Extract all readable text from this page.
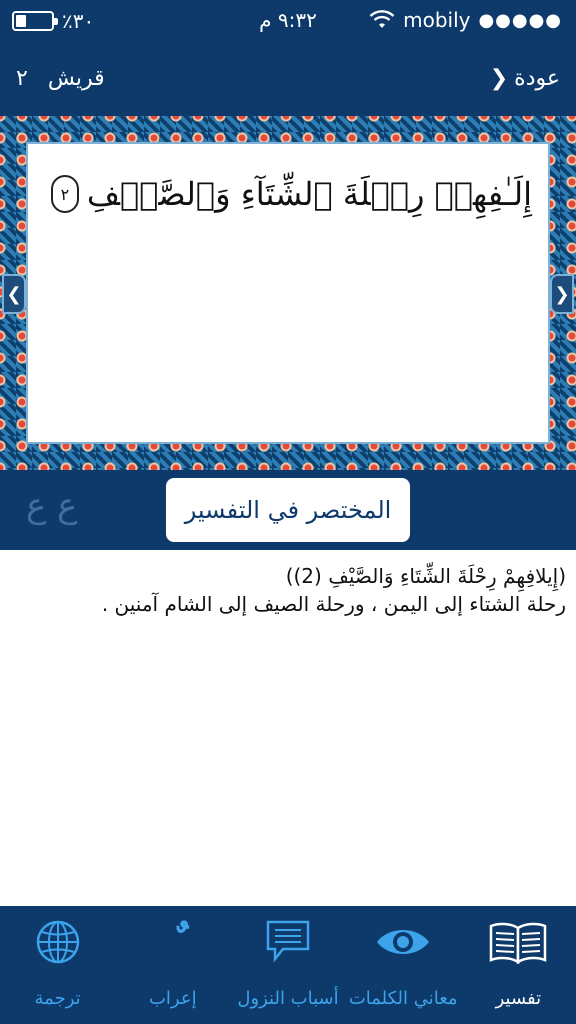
٪٣٠	٩:٣٢ م	mobily ●●●●●
قريش
٢	عودة
❮
إِلَـٰفِهِمۡ رِحۡلَةَ ٱلشِّتَآءِ وَٱلصَّيۡفِ
٢
❮	❯
ع ع	المختصر في التفسير
(إِيلافِهِمْ رِحْلَةَ الشِّتَاءِ وَالصَّيْفِ (2))
رحلة الشتاء إلى اليمن ، ورحلة الصيف إلى الشام آمنين .
تفسير
معاني الكلمات
أسباب النزول
إعراب
ترجمة
